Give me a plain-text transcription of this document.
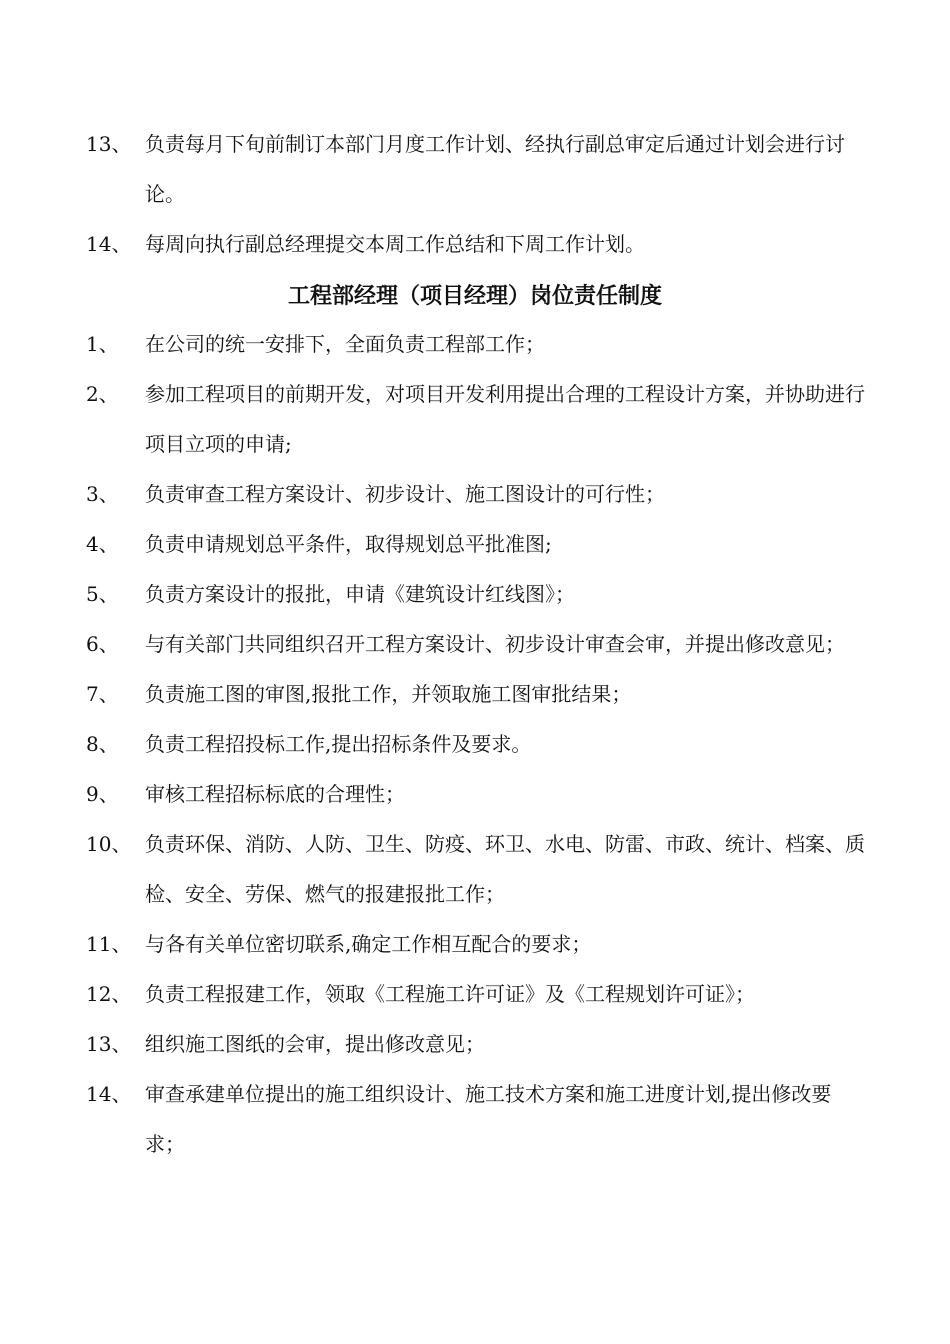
13、 负责每月下旬前制订本部门月度工作计划、经执行副总审定后通过计划会进行讨论。
14、 每周向执行副总经理提交本周工作总结和下周工作计划。
工程部经理（项目经理）岗位责任制度
1、 在公司的统一安排下，全面负责工程部工作；
2、 参加工程项目的前期开发，对项目开发利用提出合理的工程设计方案，并协助进行项目立项的申请;
3、 负责审查工程方案设计、初步设计、施工图设计的可行性；
4、 负责申请规划总平条件，取得规划总平批准图;
5、 负责方案设计的报批，申请《建筑设计红线图》；
6、 与有关部门共同组织召开工程方案设计、初步设计审查会审，并提出修改意见；
7、 负责施工图的审图,报批工作，并领取施工图审批结果；
8、 负责工程招投标工作,提出招标条件及要求。
9、 审核工程招标标底的合理性；
10、 负责环保、消防、人防、卫生、防疫、环卫、水电、防雷、市政、统计、档案、质检、安全、劳保、燃气的报建报批工作；
11、 与各有关单位密切联系,确定工作相互配合的要求；
12、 负责工程报建工作，领取《工程施工许可证》及《工程规划许可证》；
13、 组织施工图纸的会审，提出修改意见；
14、 审查承建单位提出的施工组织设计、施工技术方案和施工进度计划,提出修改要求；
